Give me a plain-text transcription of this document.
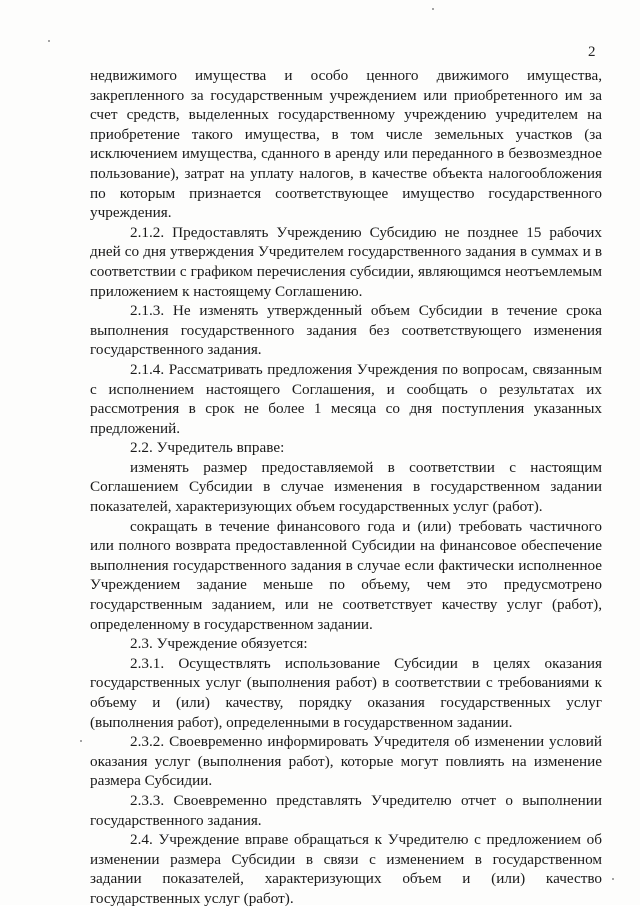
2

недвижимого имущества и особо ценного движимого имущества, закрепленного за государственным учреждением или приобретенного им за счет средств, выделенных государственному учреждению учредителем на приобретение такого имущества, в том числе земельных участков (за исключением имущества, сданного в аренду или переданного в безвозмездное пользование), затрат на уплату налогов, в качестве объекта налогообложения по которым признается соответствующее имущество государственного учреждения.

2.1.2. Предоставлять Учреждению Субсидию не позднее 15 рабочих дней со дня утверждения Учредителем государственного задания в суммах и в соответствии с графиком перечисления субсидии, являющимся неотъемлемым приложением к настоящему Соглашению.

2.1.3. Не изменять утвержденный объем Субсидии в течение срока выполнения государственного задания без соответствующего изменения государственного задания.

2.1.4. Рассматривать предложения Учреждения по вопросам, связанным с исполнением настоящего Соглашения, и сообщать о результатах их рассмотрения в срок не более 1 месяца со дня поступления указанных предложений.

2.2. Учредитель вправе:

изменять размер предоставляемой в соответствии с настоящим Соглашением Субсидии в случае изменения в государственном задании показателей, характеризующих объем государственных услуг (работ).

сокращать в течение финансового года и (или) требовать частичного или полного возврата предоставленной Субсидии на финансовое обеспечение выполнения государственного задания в случае если фактически исполненное Учреждением задание меньше по объему, чем это предусмотрено государственным заданием, или не соответствует качеству услуг (работ), определенному в государственном задании.

2.3. Учреждение обязуется:

2.3.1. Осуществлять использование Субсидии в целях оказания государственных услуг (выполнения работ) в соответствии с требованиями к объему и (или) качеству, порядку оказания государственных услуг (выполнения работ), определенными в государственном задании.

2.3.2. Своевременно информировать Учредителя об изменении условий оказания услуг (выполнения работ), которые могут повлиять на изменение размера Субсидии.

2.3.3. Своевременно представлять Учредителю отчет о выполнении государственного задания.

2.4. Учреждение вправе обращаться к Учредителю с предложением об изменении размера Субсидии в связи с изменением в государственном задании показателей, характеризующих объем и (или) качество государственных услуг (работ).
